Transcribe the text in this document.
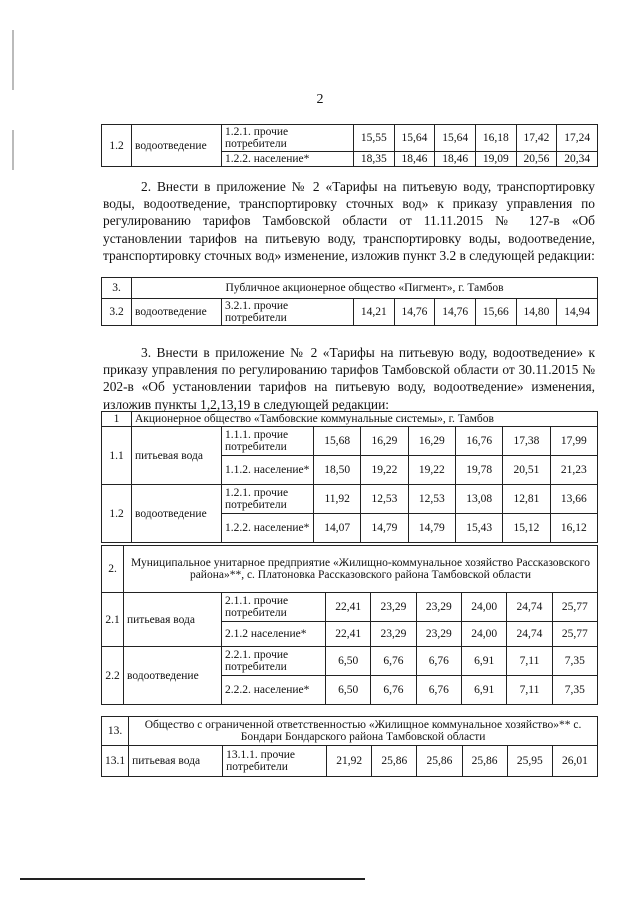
2
1.2	водоотведение	1.2.1. прочие потребители	15,55	15,64	15,64	16,18	17,42	17,24
		1.2.2. население*	18,35	18,46	18,46	19,09	20,56	20,34

2. Внести в приложение № 2 «Тарифы на питьевую воду, транспортировку воды, водоотведение, транспортировку сточных вод» к приказу управления по регулированию тарифов Тамбовской области от 11.11.2015 № 127-в «Об установлении тарифов на питьевую воду, транспортировку воды, водоотведение, транспортировку сточных вод» изменение, изложив пункт 3.2 в следующей редакции:

3.	Публичное акционерное общество «Пигмент», г. Тамбов							
3.2	водоотведение	3.2.1. прочие потребители	14,21	14,76	14,76	15,66	14,80	14,94

3. Внести в приложение № 2 «Тарифы на питьевую воду, водоотведение» к приказу управления по регулированию тарифов Тамбовской области от 30.11.2015 № 202-в «Об установлении тарифов на питьевую воду, водоотведение» изменения, изложив пункты 1,2,13,19 в следующей редакции:

1	Акционерное общество «Тамбовские коммунальные системы», г. Тамбов							
1.1	питьевая вода	1.1.1. прочие потребители	15,68	16,29	16,29	16,76	17,38	17,99
		1.1.2. население*	18,50	19,22	19,22	19,78	20,51	21,23
1.2	водоотведение	1.2.1. прочие потребители	11,92	12,53	12,53	13,08	12,81	13,66
		1.2.2. население*	14,07	14,79	14,79	15,43	15,12	16,12
2.	Муниципальное унитарное предприятие «Жилищно-коммунальное хозяйство Рассказовского района»**, с. Платоновка Рассказовского района Тамбовской области							
2.1	питьевая вода	2.1.1. прочие потребители	22,41	23,29	23,29	24,00	24,74	25,77
		2.1.2 население*	22,41	23,29	23,29	24,00	24,74	25,77
2.2	водоотведение	2.2.1. прочие потребители	6,50	6,76	6,76	6,91	7,11	7,35
		2.2.2. население*	6,50	6,76	6,76	6,91	7,11	7,35
13.	Общество с ограниченной ответственностью «Жилищное коммунальное хозяйство»** с. Бондари Бондарского района Тамбовской области							
13.1	питьевая вода	13.1.1. прочие потребители	21,92	25,86	25,86	25,86	25,95	26,01
